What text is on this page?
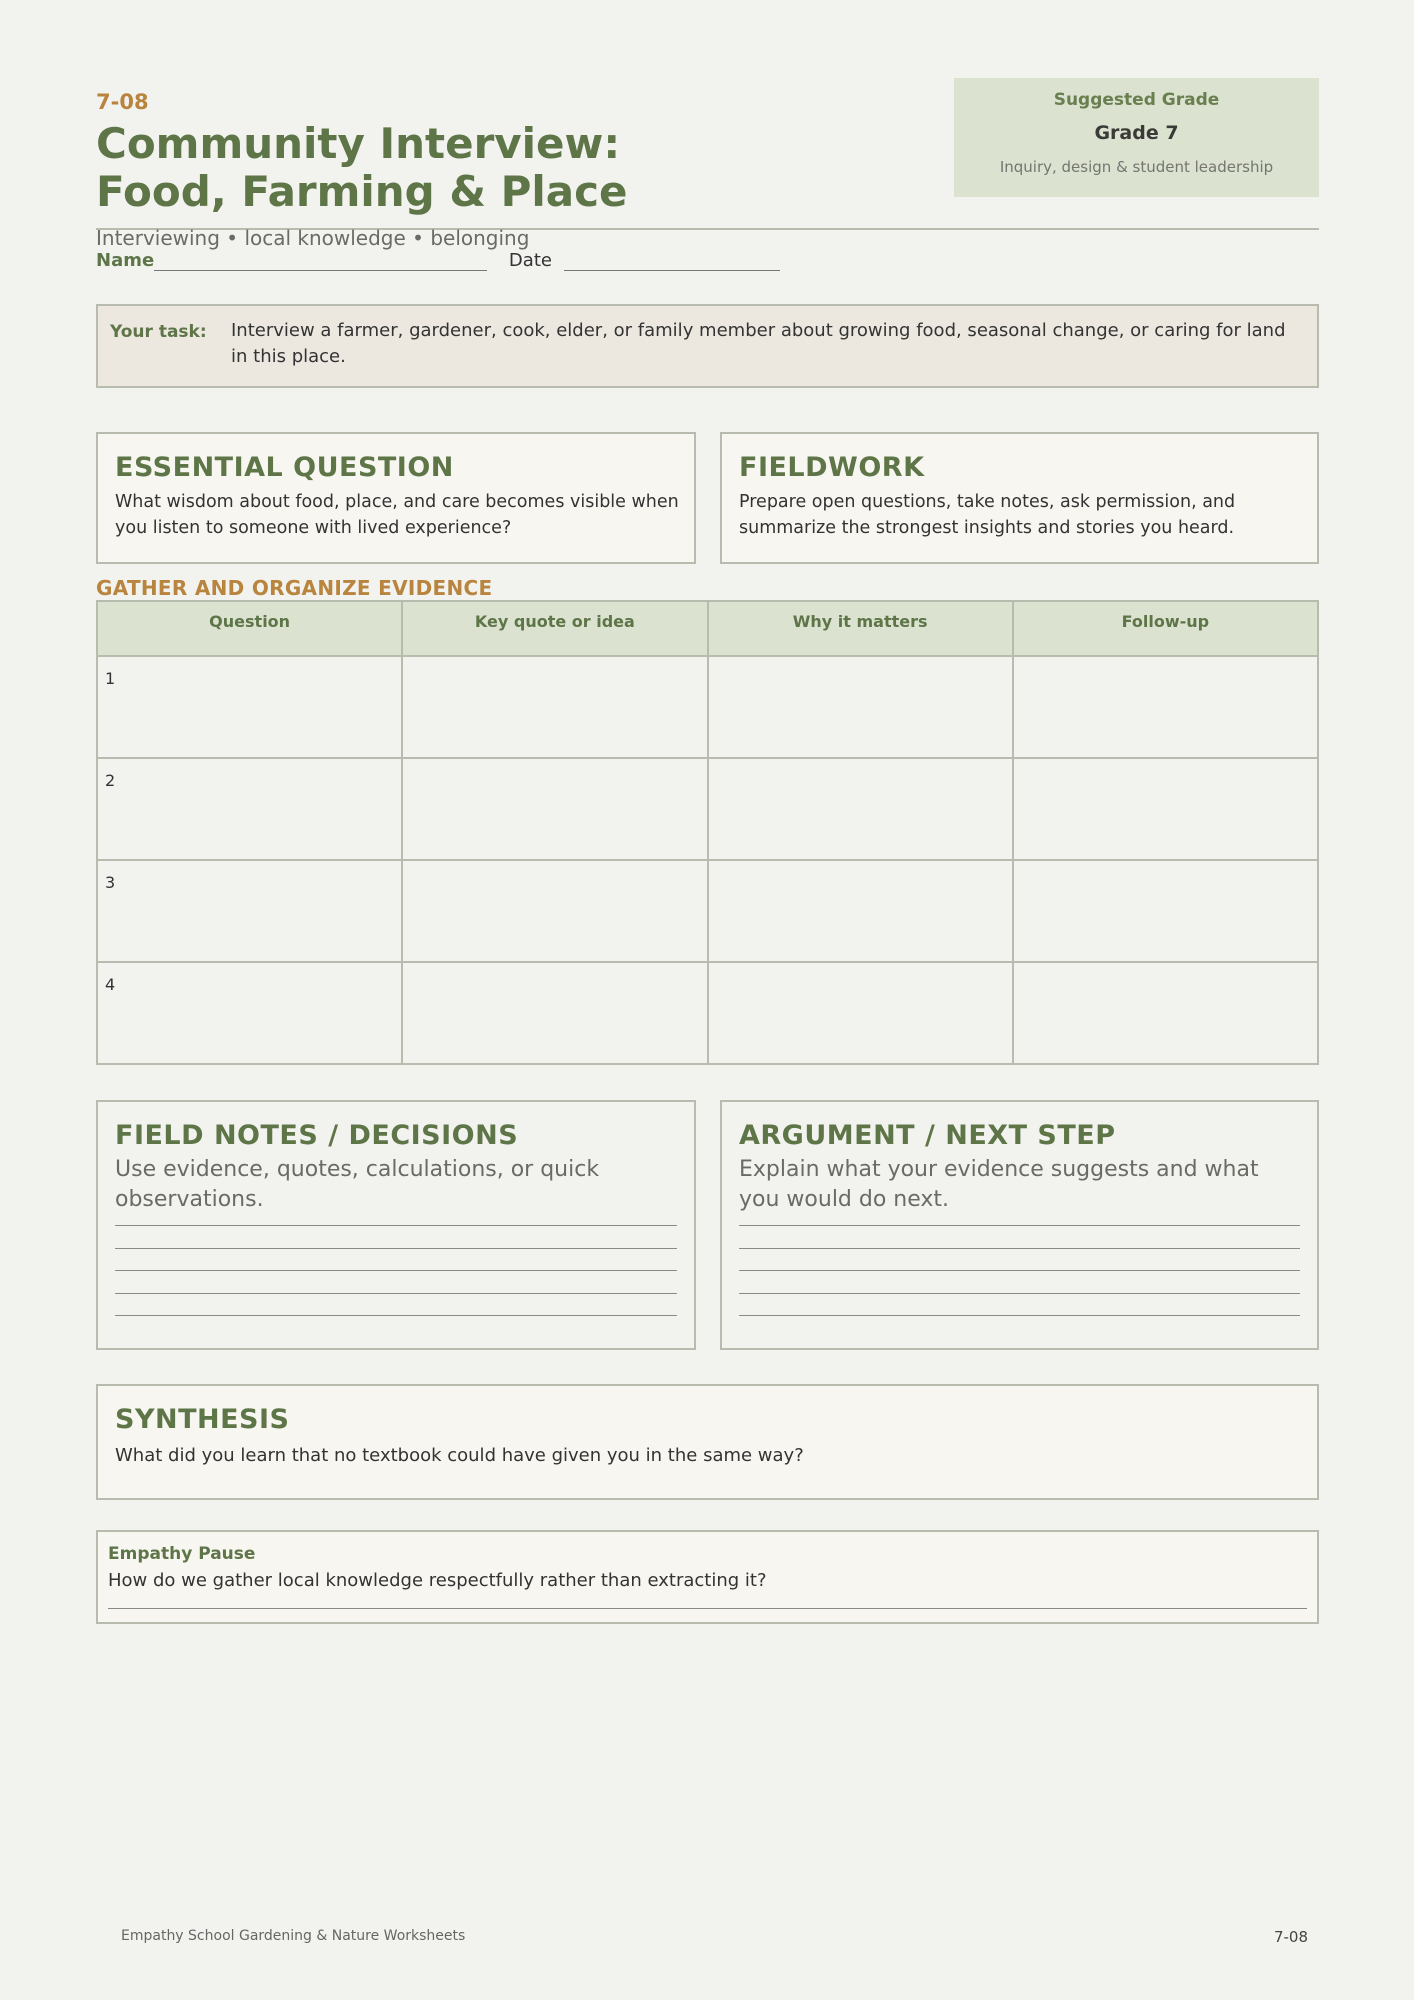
7-08
Community Interview:
Food, Farming & Place
Suggested Grade
Grade 7
Inquiry, design & student leadership
Interviewing • local knowledge • belonging
Name	Date
Your task: Interview a farmer, gardener, cook, elder, or family member about growing food, seasonal change, or caring for land in this place.
ESSENTIAL QUESTION

What wisdom about food, place, and care becomes visible when you listen to someone with lived experience?

FIELDWORK

Prepare open questions, take notes, ask permission, and summarize the strongest insights and stories you heard.

GATHER AND ORGANIZE EVIDENCE
Question	Key quote or idea	Why it matters	Follow-up
1			
2			
3			
4			
FIELD NOTES / DECISIONS
Use evidence, quotes, calculations, or quick observations.
ARGUMENT / NEXT STEP
Explain what your evidence suggests and what you would do next.
SYNTHESIS

What did you learn that no textbook could have given you in the same way?

Empathy Pause
How do we gather local knowledge respectfully rather than extracting it?
Empathy School Gardening & Nature Worksheets	7-08
